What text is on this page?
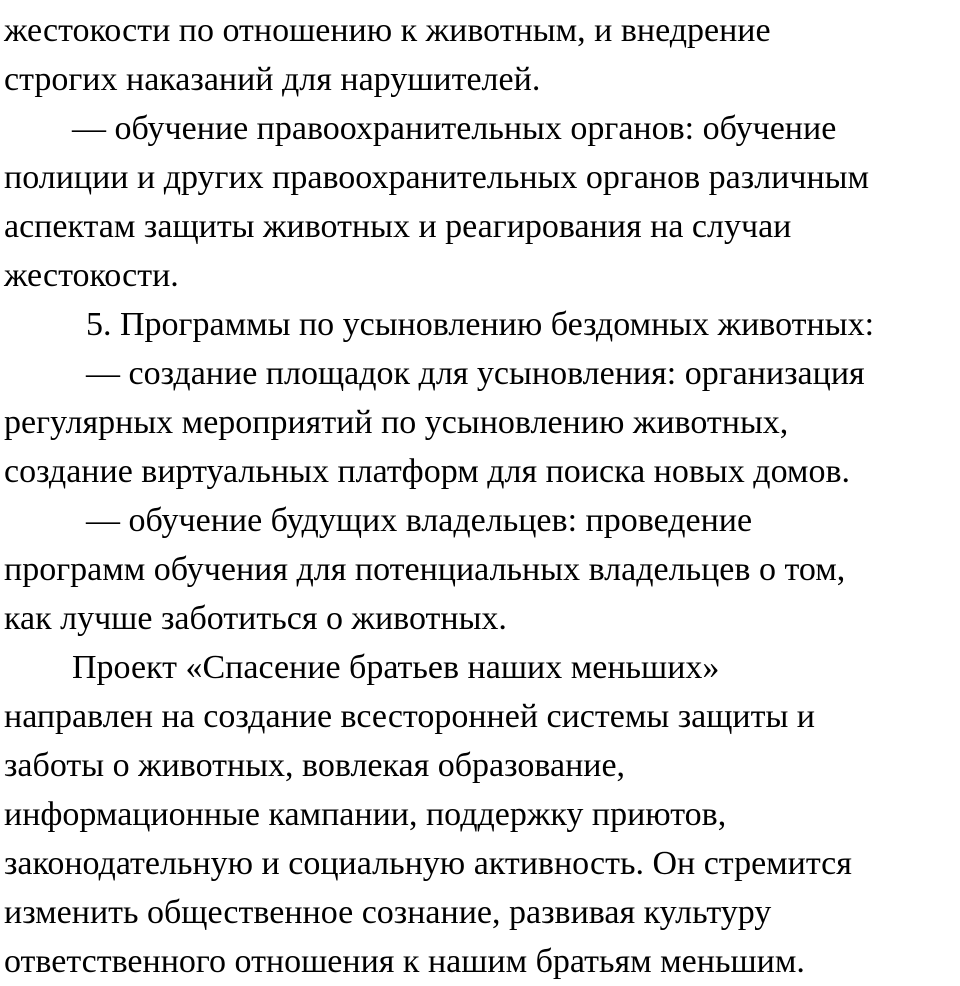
жестокости по отношению к животным, и внедрение
строгих наказаний для нарушителей.
— обучение правоохранительных органов: обучение
полиции и других правоохранительных органов различным
аспектам защиты животных и реагирования на случаи
жестокости.
5. Программы по усыновлению бездомных животных:
— создание площадок для усыновления: организация
регулярных мероприятий по усыновлению животных,
создание виртуальных платформ для поиска новых домов.
— обучение будущих владельцев: проведение
программ обучения для потенциальных владельцев о том,
как лучше заботиться о животных.
Проект «Спасение братьев наших меньших»
направлен на создание всесторонней системы защиты и
заботы о животных, вовлекая образование,
информационные кампании, поддержку приютов,
законодательную и социальную активность. Он стремится
изменить общественное сознание, развивая культуру
ответственного отношения к нашим братьям меньшим.
